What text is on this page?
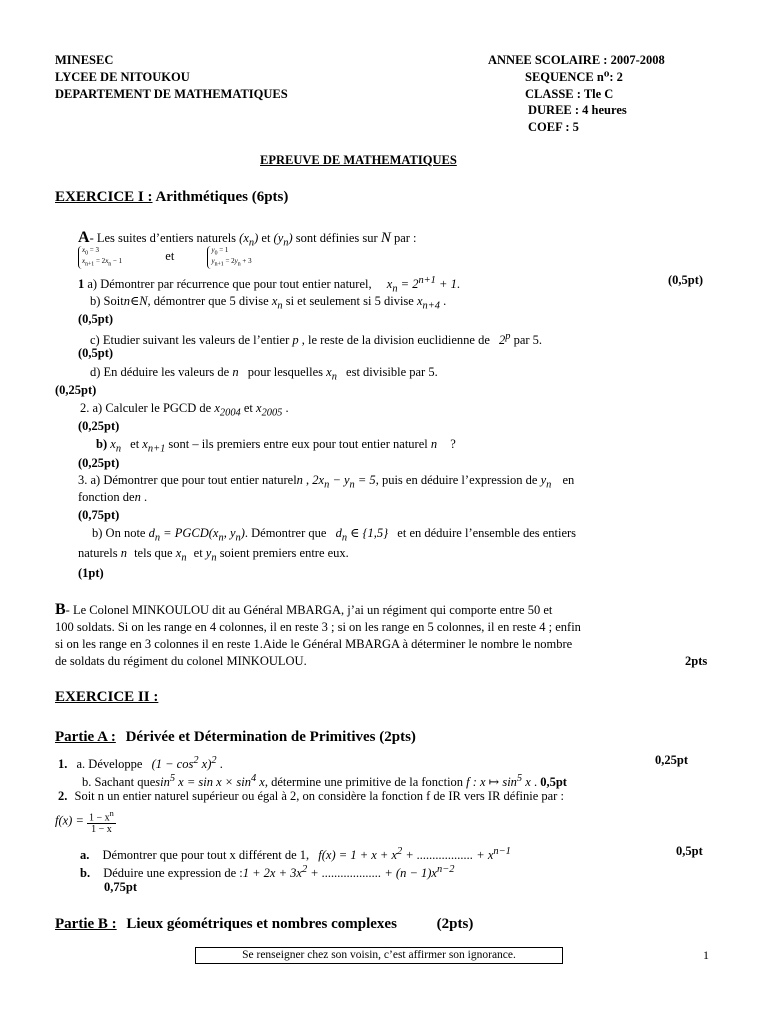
MINESEC
LYCEE DE NITOUKOU
DEPARTEMENT DE MATHEMATIQUES
ANNEE SCOLAIRE : 2007-2008
SEQUENCE n⁰: 2
CLASSE : Tle C
DUREE : 4 heures
COEF : 5
EPREUVE DE MATHEMATIQUES
EXERCICE I : Arithmétiques (6pts)
A- Les suites d’entiers naturels $(x_n)$ et $(y_n)$ sont définies sur N par :
$x_0 = 3$
$x_{n+1} = 2x_n - 1$	et	$y_0 = 1$
$y_{n+1} = 2y_n + 3$
1 a) Démontrer par récurrence que pour tout entier naturel, $x_n = 2^{n+1} + 1$.	(0,5pt)
b) Soitn∈N, démontrer que 5 divise $x_n$ si et seulement si 5 divise $x_{n+4}$ .
(0,5pt)
c) Etudier suivant les valeurs de l’entier p , le reste de la division euclidienne de 2$^p$ par 5.
(0,5pt)
d) En déduire les valeurs de n pour lesquelles $x_n$ est divisible par 5.
(0,25pt)
2. a) Calculer le PGCD de $x_{2004}$ et $x_{2005}$ .
(0,25pt)
b) $x_n$ et $x_{n+1}$ sont – ils premiers entre eux pour tout entier naturel n ?
(0,25pt)
3. a) Démontrer que pour tout entier natureln , $2x_n - y_n = 5$, puis en déduire l’expression de $y_n$ en
fonction den .
(0,75pt)
b) On note $d_n$ = $PGCD(x_n$, $y_n$). Démontrer que $d_n$ ∈ {1,5} et en déduire l’ensemble des entiers
naturels n tels que $x_n$ et $y_n$ soient premiers entre eux.
(1pt)
B- Le Colonel MINKOULOU dit au Général MBARGA, j’ai un régiment qui comporte entre 50 et
100 soldats. Si on les range en 4 colonnes, il en reste 3 ; si on les range en 5 colonnes, il en reste 4 ; enfin
si on les range en 3 colonnes il en reste 1.Aide le Général MBARGA à déterminer le nombre le nombre
de soldats du régiment du colonel MINKOULOU.	2pts
EXERCICE II :
Partie A : Dérivée et Détermination de Primitives (2pts)
1. a. Développe $(1 - \cos^2 x)^2$ .	0,25pt
b. Sachant quesin$^5$ $x = \sin x \times \sin^4 x$, détermine une primitive de la fonction f : x ↦ $\sin^5 x$ . 0,5pt
2. Soit n un entier naturel supérieur ou égal à 2, on considère la fonction f de IR vers IR définie par :
$f(x) = \frac{1 - x^n}{1 - x}$
a. Démontrer que pour tout x différent de 1, $f(x) = 1 + x + x^2$ + .................. + $x^{n-1}$	0,5pt
b. Déduire une expression de :1 + $2x + 3x^2$ + ................... + $(n - 1)x^{n-2}$
0,75pt
Partie B : Lieux géométriques et nombres complexes	(2pts)
Se renseigner chez son voisin, c’est affirmer son ignorance.	1
